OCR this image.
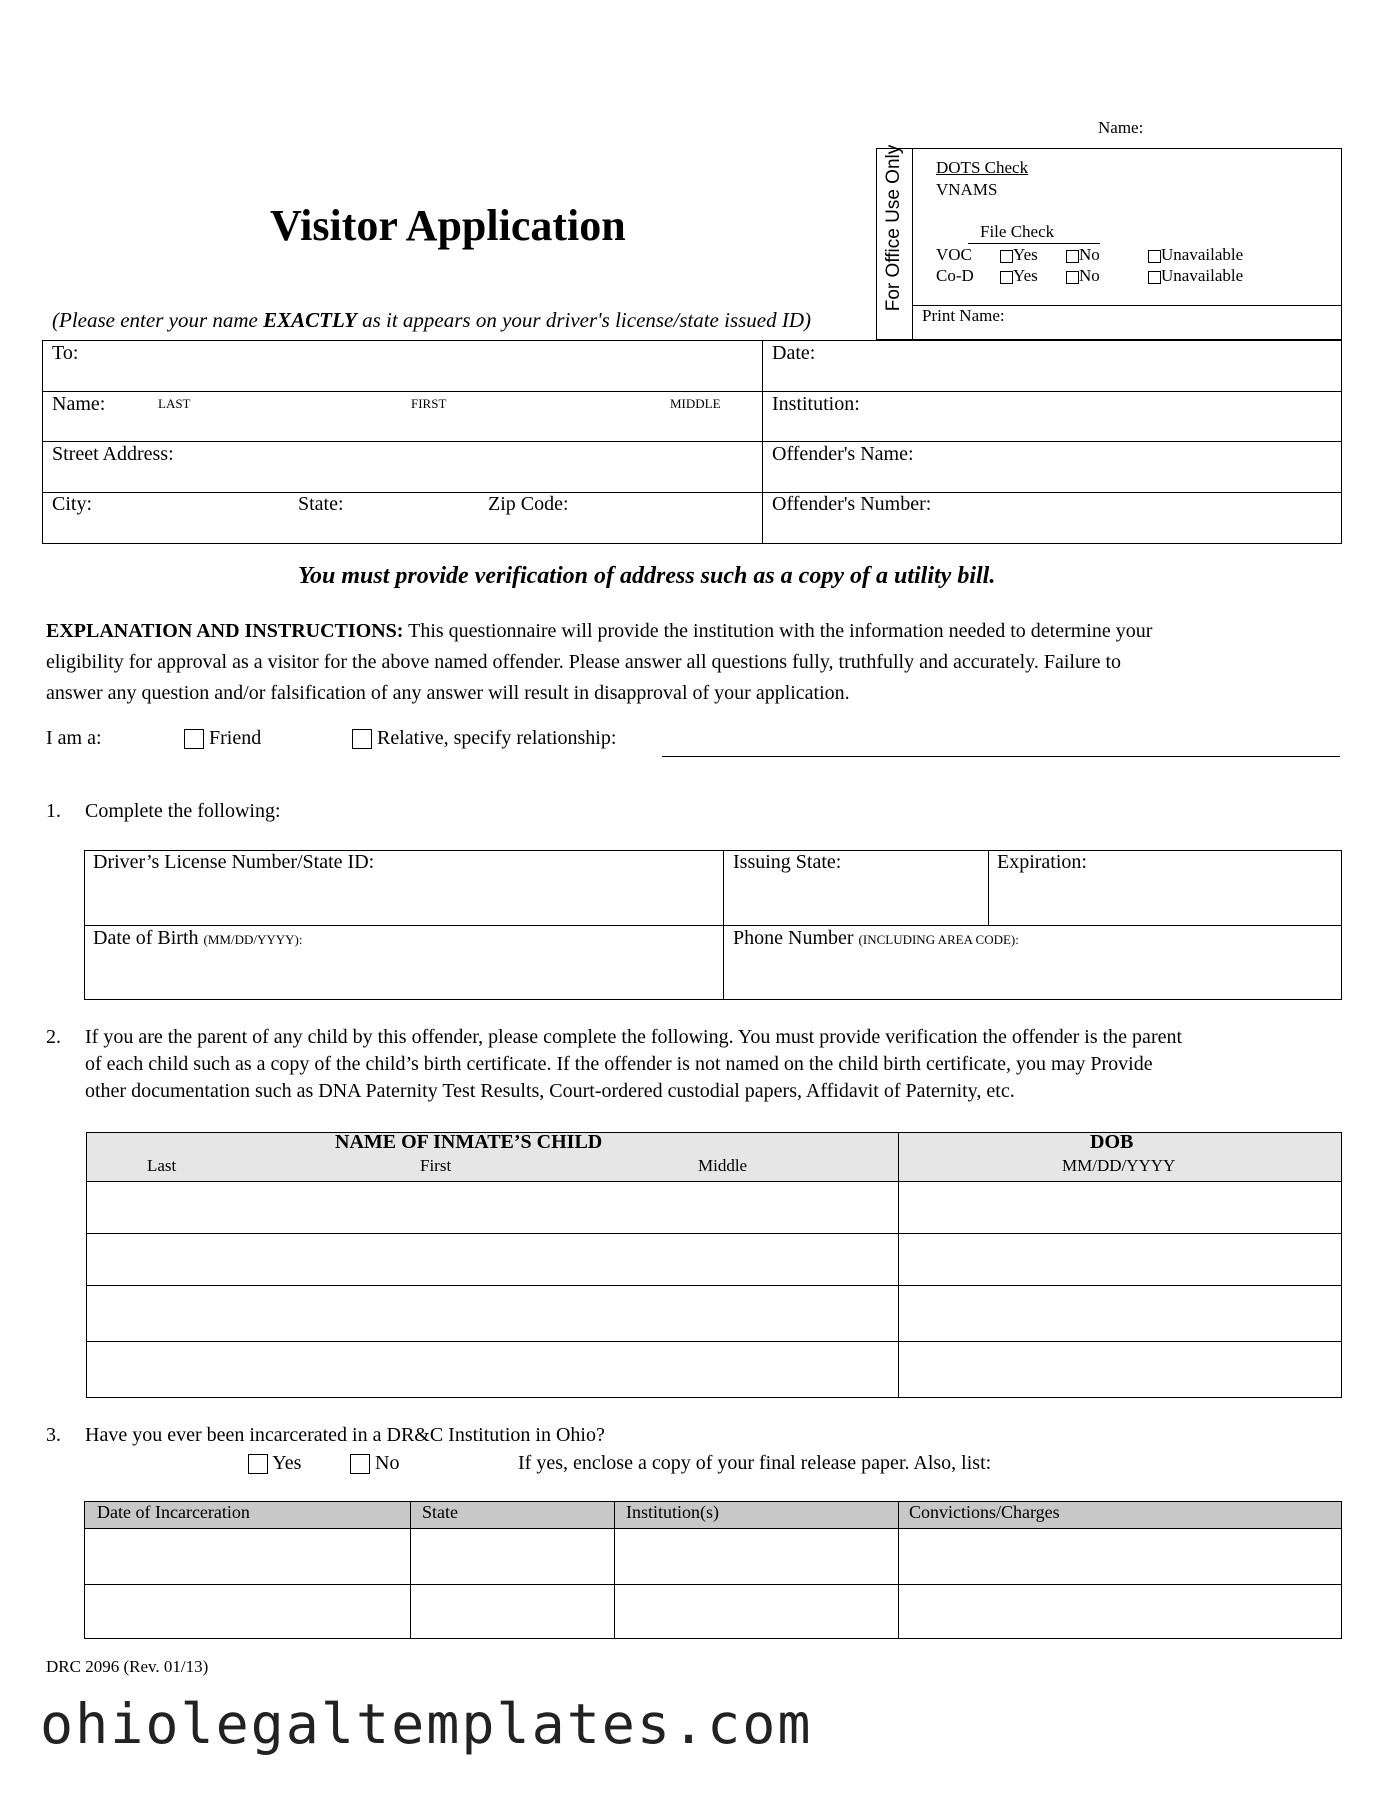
Name:
For Office Use Only DOTS Check
VNAMS
File Check
VOC	Yes	No	Unavailable
Co-D	Yes	No	Unavailable
Print Name:
Visitor Application
(Please enter your name EXACTLY as it appears on your driver's license/state issued ID)
To:	Date:
Name:	LAST	FIRST	MIDDLE	Institution:
Street Address:	Offender's Name:
City:	State:	Zip Code:	Offender's Number:
You must provide verification of address such as a copy of a utility bill.
EXPLANATION AND INSTRUCTIONS: This questionnaire will provide the institution with the information needed to determine your
eligibility for approval as a visitor for the above named offender. Please answer all questions fully, truthfully and accurately. Failure to
answer any question and/or falsification of any answer will result in disapproval of your application.
I am a:	Friend	Relative, specify relationship:
1. Complete the following:
Driver’s License Number/State ID:	Issuing State:	Expiration:
Date of Birth (MM/DD/YYYY):	Phone Number (INCLUDING AREA CODE):
2. If you are the parent of any child by this offender, please complete the following. You must provide verification the offender is the parent
of each child such as a copy of the child’s birth certificate. If the offender is not named on the child birth certificate, you may Provide
other documentation such as DNA Paternity Test Results, Court-ordered custodial papers, Affidavit of Paternity, etc.
NAME OF INMATE’S CHILD
Last	First	Middle
DOB
MM/DD/YYYY
3. Have you ever been incarcerated in a DR&C Institution in Ohio?
Yes	No	If yes, enclose a copy of your final release paper. Also, list:
Date of Incarceration	State	Institution(s)	Convictions/Charges
DRC 2096 (Rev. 01/13)
ohiolegaltemplates.com
